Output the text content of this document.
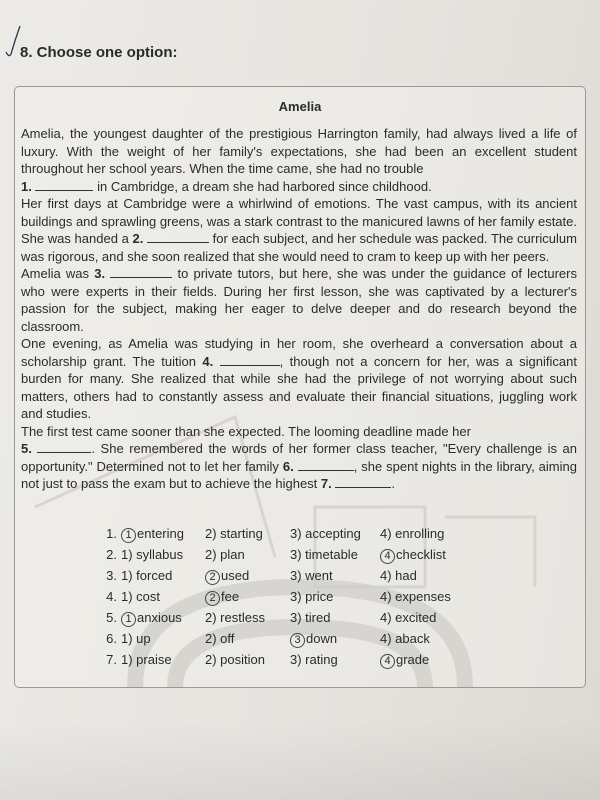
8. Choose one option:
Amelia

Amelia, the youngest daughter of the prestigious Harrington family, had always lived a life of luxury. With the weight of her family's expectations, she had been an excellent student throughout her school years. When the time came, she had no trouble
1.	in Cambridge, a dream she had harbored since childhood.

Her first days at Cambridge were a whirlwind of emotions. The vast campus, with its ancient buildings and sprawling greens, was a stark contrast to the manicured lawns of her family estate. She was handed a 2.	for each subject, and her schedule was packed. The curriculum was rigorous, and she soon realized that she would need to cram to keep up with her peers.

Amelia was 3.	to private tutors, but here, she was under the guidance of lecturers who were experts in their fields. During her first lesson, she was captivated by a lecturer's passion for the subject, making her eager to delve deeper and do research beyond the classroom.

One evening, as Amelia was studying in her room, she overheard a conversation about a scholarship grant. The tuition 4.	, though not a concern for her, was a significant burden for many. She realized that while she had the privilege of not worrying about such matters, others had to constantly assess and evaluate their financial situations, juggling work and studies.

The first test came sooner than she expected. The looming deadline made her
5.	. She remembered the words of her former class teacher, "Every challenge is an opportunity." Determined not to let her family 6.	, she spent nights in the library, aiming not just to pass the exam but to achieve the highest 7.	.

1. 1 entering	2) starting	3) accepting	4) enrolling
2. 1) syllabus	2) plan	3) timetable	4 checklist
3. 1) forced	2 used	3) went	4) had
4. 1) cost	2 fee	3) price	4) expenses
5. 1 anxious	2) restless	3) tired	4) excited
6. 1) up	2) off	3 down	4) aback
7. 1) praise	2) position	3) rating	4 grade
